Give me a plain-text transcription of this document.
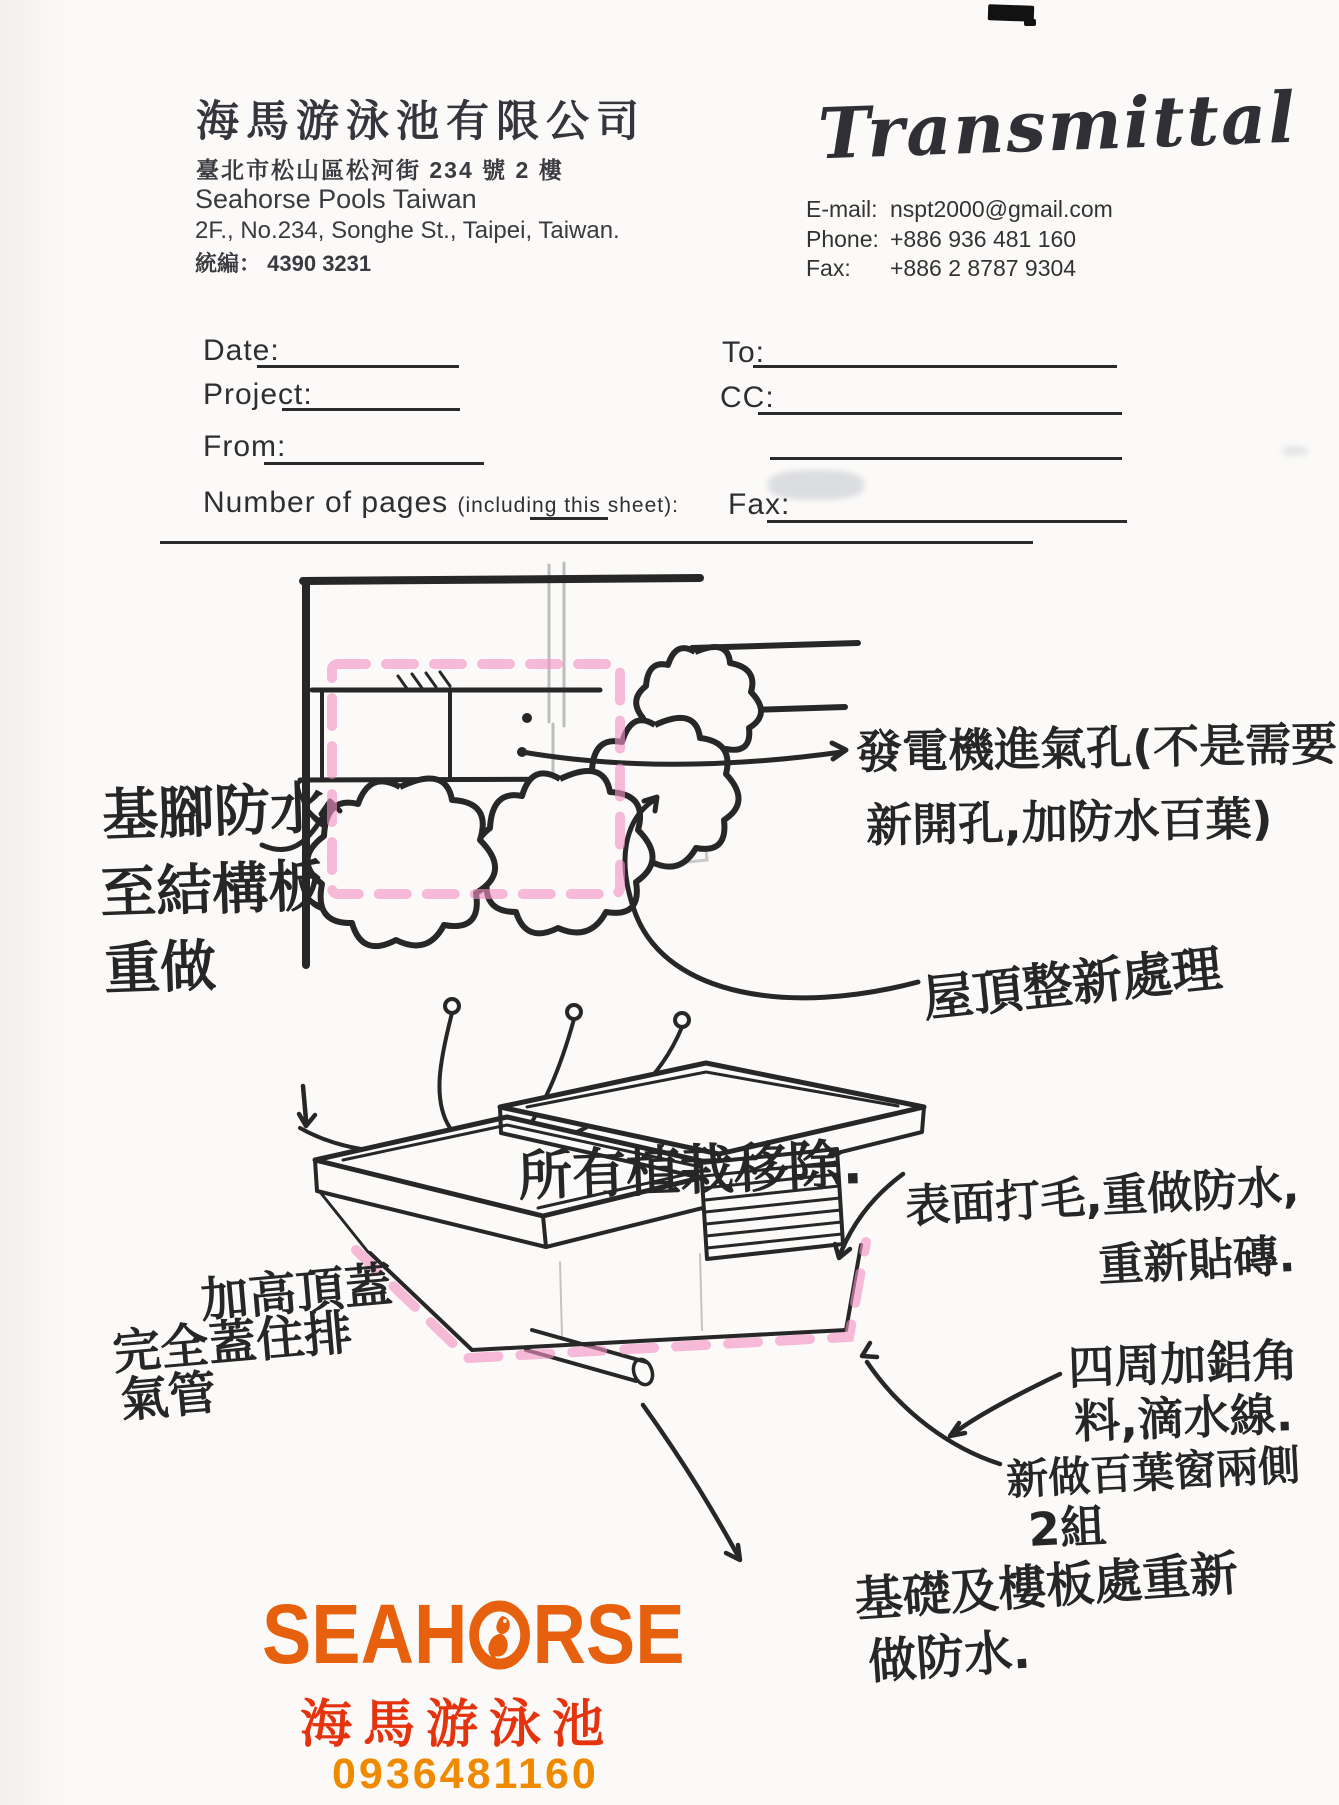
海馬游泳池有限公司
臺北市松山區松河街 234 號 2 樓
Seahorse Pools Taiwan
2F., No.234, Songhe St., Taipei, Taiwan.
統編： 4390 3231
Transmittal
E-mail: nspt2000@gmail.com
Phone: +886 936 481 160
Fax: +886 2 8787 9304
Date:
Project:
From:
Number of pages (including this sheet):
To:
CC:
Fax:
基腳防水
至結構板
重做
發電機進氣孔(不是需要
新開孔,加防水百葉)
屋頂整新處理
所有植栽移除. 表面打毛,重做防水,
重新貼磚.
加高頂蓋
完全蓋住排
氣管
四周加鋁角
料,滴水線.
新做百葉窗兩側
2組
基礎及樓板處重新
做防水.
SEAH RSE
海馬游泳池
0936481160
